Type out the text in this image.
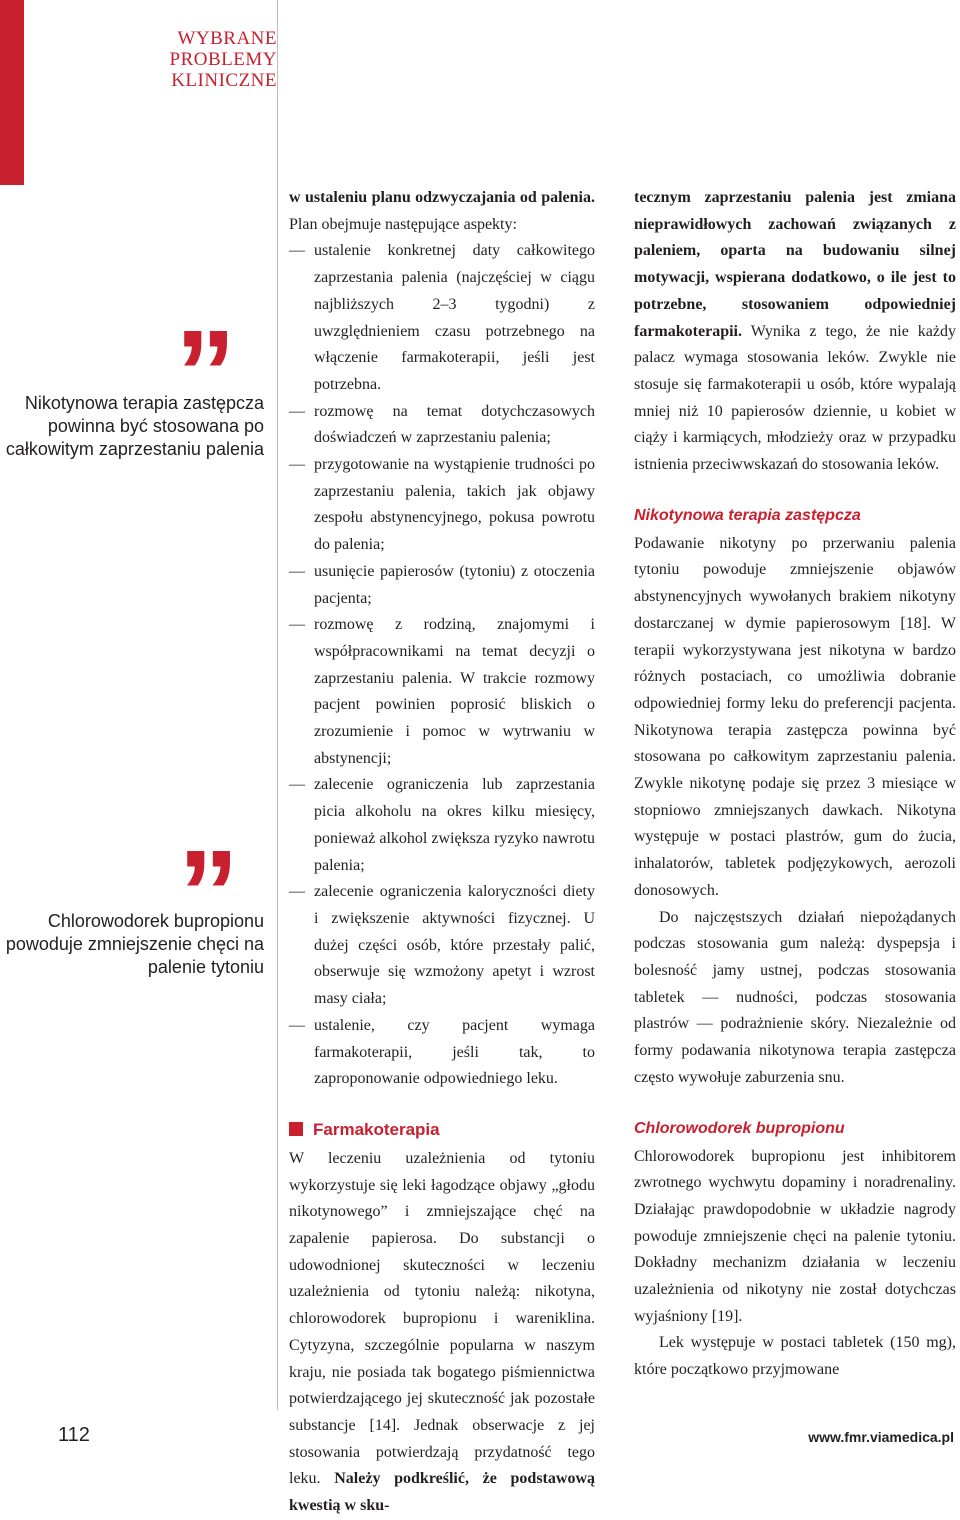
WYBRANE
PROBLEMY
KLINICZNE
”
Nikotynowa terapia zastępcza powinna być stosowana po całkowitym zaprzestaniu palenia
”
Chlorowodorek bupropionu powoduje zmniejszenie chęci na palenie tytoniu

w ustaleniu planu odzwyczajania od palenia. Plan obejmuje następujące aspekty:

— ustalenie konkretnej daty całkowitego zaprzestania palenia (najczęściej w ciągu najbliższych 2–3 tygodni) z uwzględnieniem czasu potrzebnego na włączenie farmakoterapii, jeśli jest potrzebna.
— rozmowę na temat dotychczasowych doświadczeń w zaprzestaniu palenia;
— przygotowanie na wystąpienie trudności po zaprzestaniu palenia, takich jak objawy zespołu abstynencyjnego, pokusa powrotu do palenia;
— usunięcie papierosów (tytoniu) z otoczenia pacjenta;
— rozmowę z rodziną, znajomymi i współpracownikami na temat decyzji o zaprzestaniu palenia. W trakcie rozmowy pacjent powinien poprosić bliskich o zrozumienie i pomoc w wytrwaniu w abstynencji;
— zalecenie ograniczenia lub zaprzestania picia alkoholu na okres kilku miesięcy, ponieważ alkohol zwiększa ryzyko nawrotu palenia;
— zalecenie ograniczenia kaloryczności diety i zwiększenie aktywności fizycznej. U dużej części osób, które przestały palić, obserwuje się wzmożony apetyt i wzrost masy ciała;
— ustalenie, czy pacjent wymaga farmakoterapii, jeśli tak, to zaproponowanie odpowiedniego leku.
Farmakoterapia

W leczeniu uzależnienia od tytoniu wykorzystuje się leki łagodzące objawy „głodu nikotynowego” i zmniejszające chęć na zapalenie papierosa. Do substancji o udowodnionej skuteczności w leczeniu uzależnienia od tytoniu należą: nikotyna, chlorowodorek bupropionu i wareniklina. Cytyzyna, szczególnie popularna w naszym kraju, nie posiada tak bogatego piśmiennictwa potwierdzającego jej skuteczność jak pozostałe substancje [14]. Jednak obserwacje z jej stosowania potwierdzają przydatność tego leku. Należy podkreślić, że podstawową kwestią w sku-

tecznym zaprzestaniu palenia jest zmiana nieprawidłowych zachowań związanych z paleniem, oparta na budowaniu silnej motywacji, wspierana dodatkowo, o ile jest to potrzebne, stosowaniem odpowiedniej farmakoterapii. Wynika z tego, że nie każdy palacz wymaga stosowania leków. Zwykle nie stosuje się farmakoterapii u osób, które wypalają mniej niż 10 papierosów dziennie, u kobiet w ciąży i karmiących, młodzieży oraz w przypadku istnienia przeciwwskazań do stosowania leków.

Nikotynowa terapia zastępcza

Podawanie nikotyny po przerwaniu palenia tytoniu powoduje zmniejszenie objawów abstynencyjnych wywołanych brakiem nikotyny dostarczanej w dymie papierosowym [18]. W terapii wykorzystywana jest nikotyna w bardzo różnych postaciach, co umożliwia dobranie odpowiedniej formy leku do preferencji pacjenta. Nikotynowa terapia zastępcza powinna być stosowana po całkowitym zaprzestaniu palenia. Zwykle nikotynę podaje się przez 3 miesiące w stopniowo zmniejszanych dawkach. Nikotyna występuje w postaci plastrów, gum do żucia, inhalatorów, tabletek podjęzykowych, aerozoli donosowych.

Do najczęstszych działań niepożądanych podczas stosowania gum należą: dyspepsja i bolesność jamy ustnej, podczas stosowania tabletek — nudności, podczas stosowania plastrów — podrażnienie skóry. Niezależnie od formy podawania nikotynowa terapia zastępcza często wywołuje zaburzenia snu.

Chlorowodorek bupropionu

Chlorowodorek bupropionu jest inhibitorem zwrotnego wychwytu dopaminy i noradrenaliny. Działając prawdopodobnie w układzie nagrody powoduje zmniejszenie chęci na palenie tytoniu. Dokładny mechanizm działania w leczeniu uzależnienia od nikotyny nie został dotychczas wyjaśniony [19].

Lek występuje w postaci tabletek (150 mg), które początkowo przyjmowane

112	www.fmr.viamedica.pl
